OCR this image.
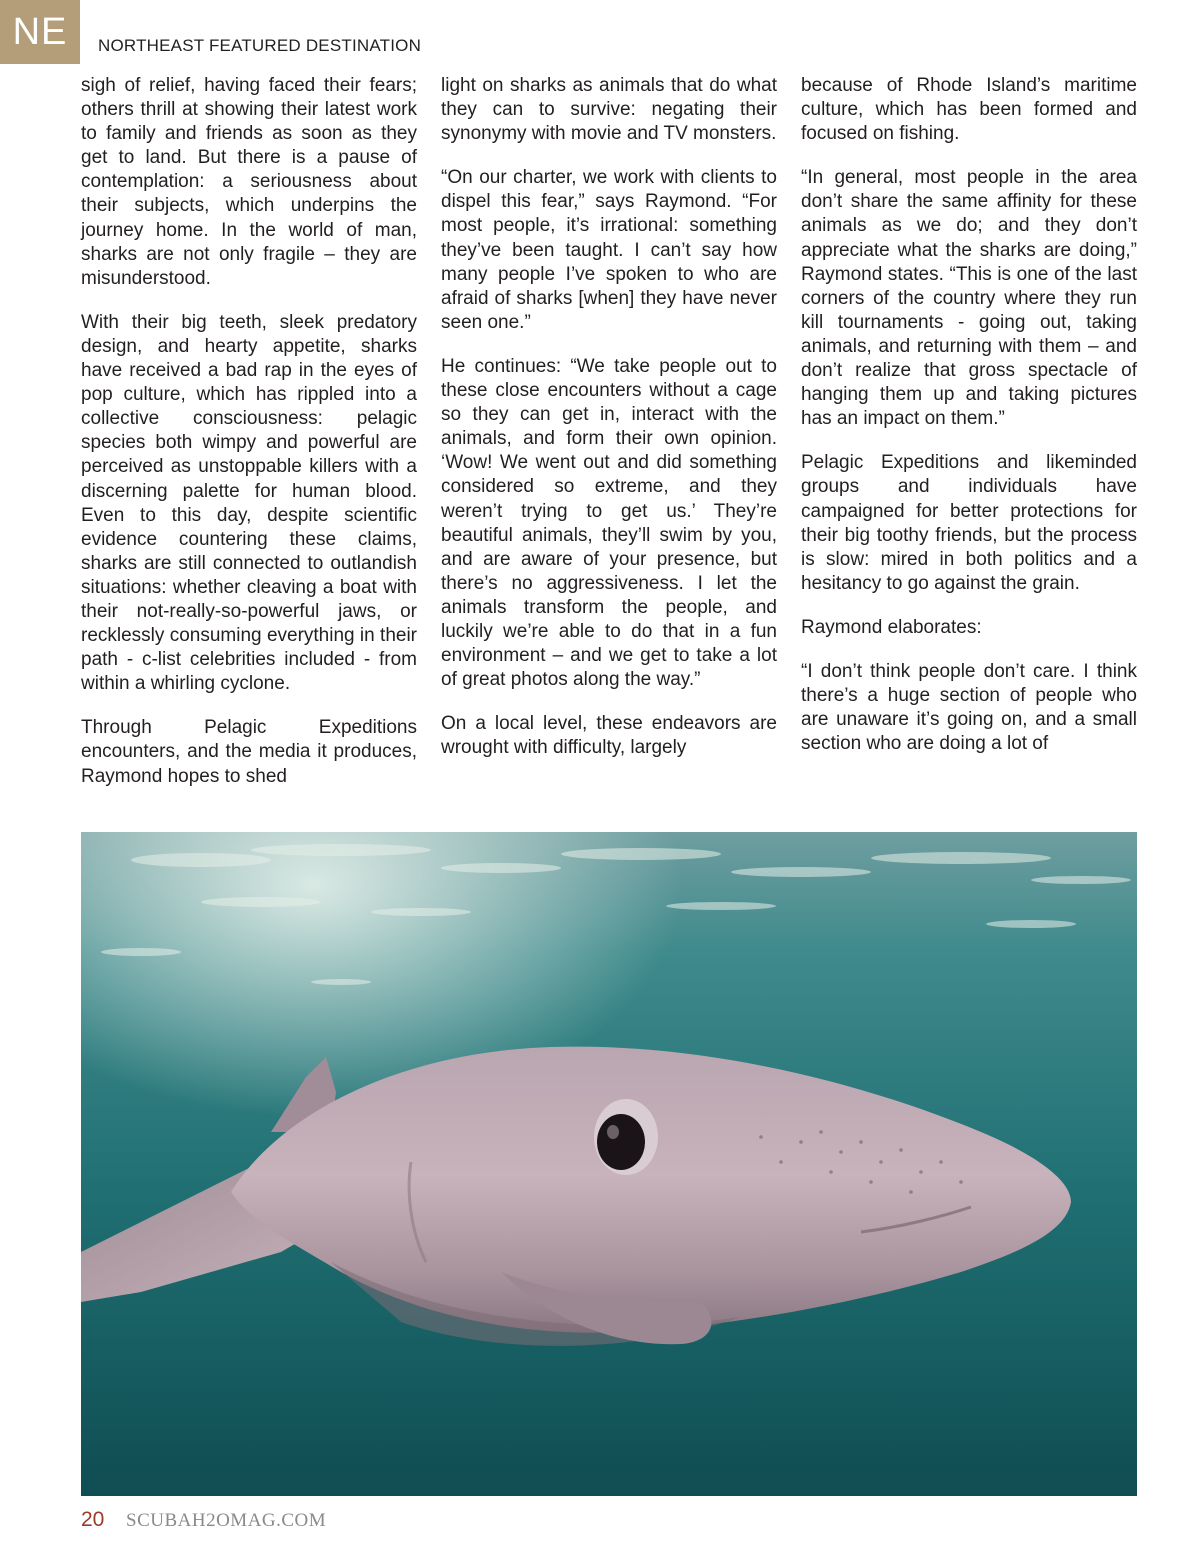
NE	NORTHEAST FEATURED DESTINATION

sigh of relief, having faced their fears; others thrill at showing their latest work to family and friends as soon as they get to land. But there is a pause of contemplation: a seriousness about their subjects, which underpins the journey home. In the world of man, sharks are not only fragile – they are misunderstood.

With their big teeth, sleek predatory design, and hearty appetite, sharks have received a bad rap in the eyes of pop culture, which has rippled into a collective consciousness: pelagic species both wimpy and powerful are perceived as unstoppable killers with a discerning palette for human blood. Even to this day, despite scientific evidence countering these claims, sharks are still connected to outlandish situations: whether cleaving a boat with their not-really-so-powerful jaws, or recklessly consuming everything in their path - c-list celebrities included - from within a whirling cyclone.

Through Pelagic Expeditions encounters, and the media it produces, Raymond hopes to shed

light on sharks as animals that do what they can to survive: negating their synonymy with movie and TV monsters.

“On our charter, we work with clients to dispel this fear,” says Raymond. “For most people, it’s irrational: something they’ve been taught. I can’t say how many people I’ve spoken to who are afraid of sharks [when] they have never seen one.”

He continues: “We take people out to these close encounters without a cage so they can get in, interact with the animals, and form their own opinion. ‘Wow! We went out and did something considered so extreme, and they weren’t trying to get us.’ They’re beautiful animals, they’ll swim by you, and are aware of your presence, but there’s no aggressiveness. I let the animals transform the people, and luckily we’re able to do that in a fun environment – and we get to take a lot of great photos along the way.”

On a local level, these endeavors are wrought with difficulty, largely

because of Rhode Island’s maritime culture, which has been formed and focused on fishing.

“In general, most people in the area don’t share the same affinity for these animals as we do; and they don’t appreciate what the sharks are doing,” Raymond states. “This is one of the last corners of the country where they run kill tournaments - going out, taking animals, and returning with them – and don’t realize that gross spectacle of hanging them up and taking pictures has an impact on them.”

Pelagic Expeditions and likeminded groups and individuals have campaigned for better protections for their big toothy friends, but the process is slow: mired in both politics and a hesitancy to go against the grain.

Raymond elaborates:

“I don’t think people don’t care. I think there’s a huge section of people who are unaware it’s going on, and a small section who are doing a lot of

20 SCUBAH2OMAG.COM
